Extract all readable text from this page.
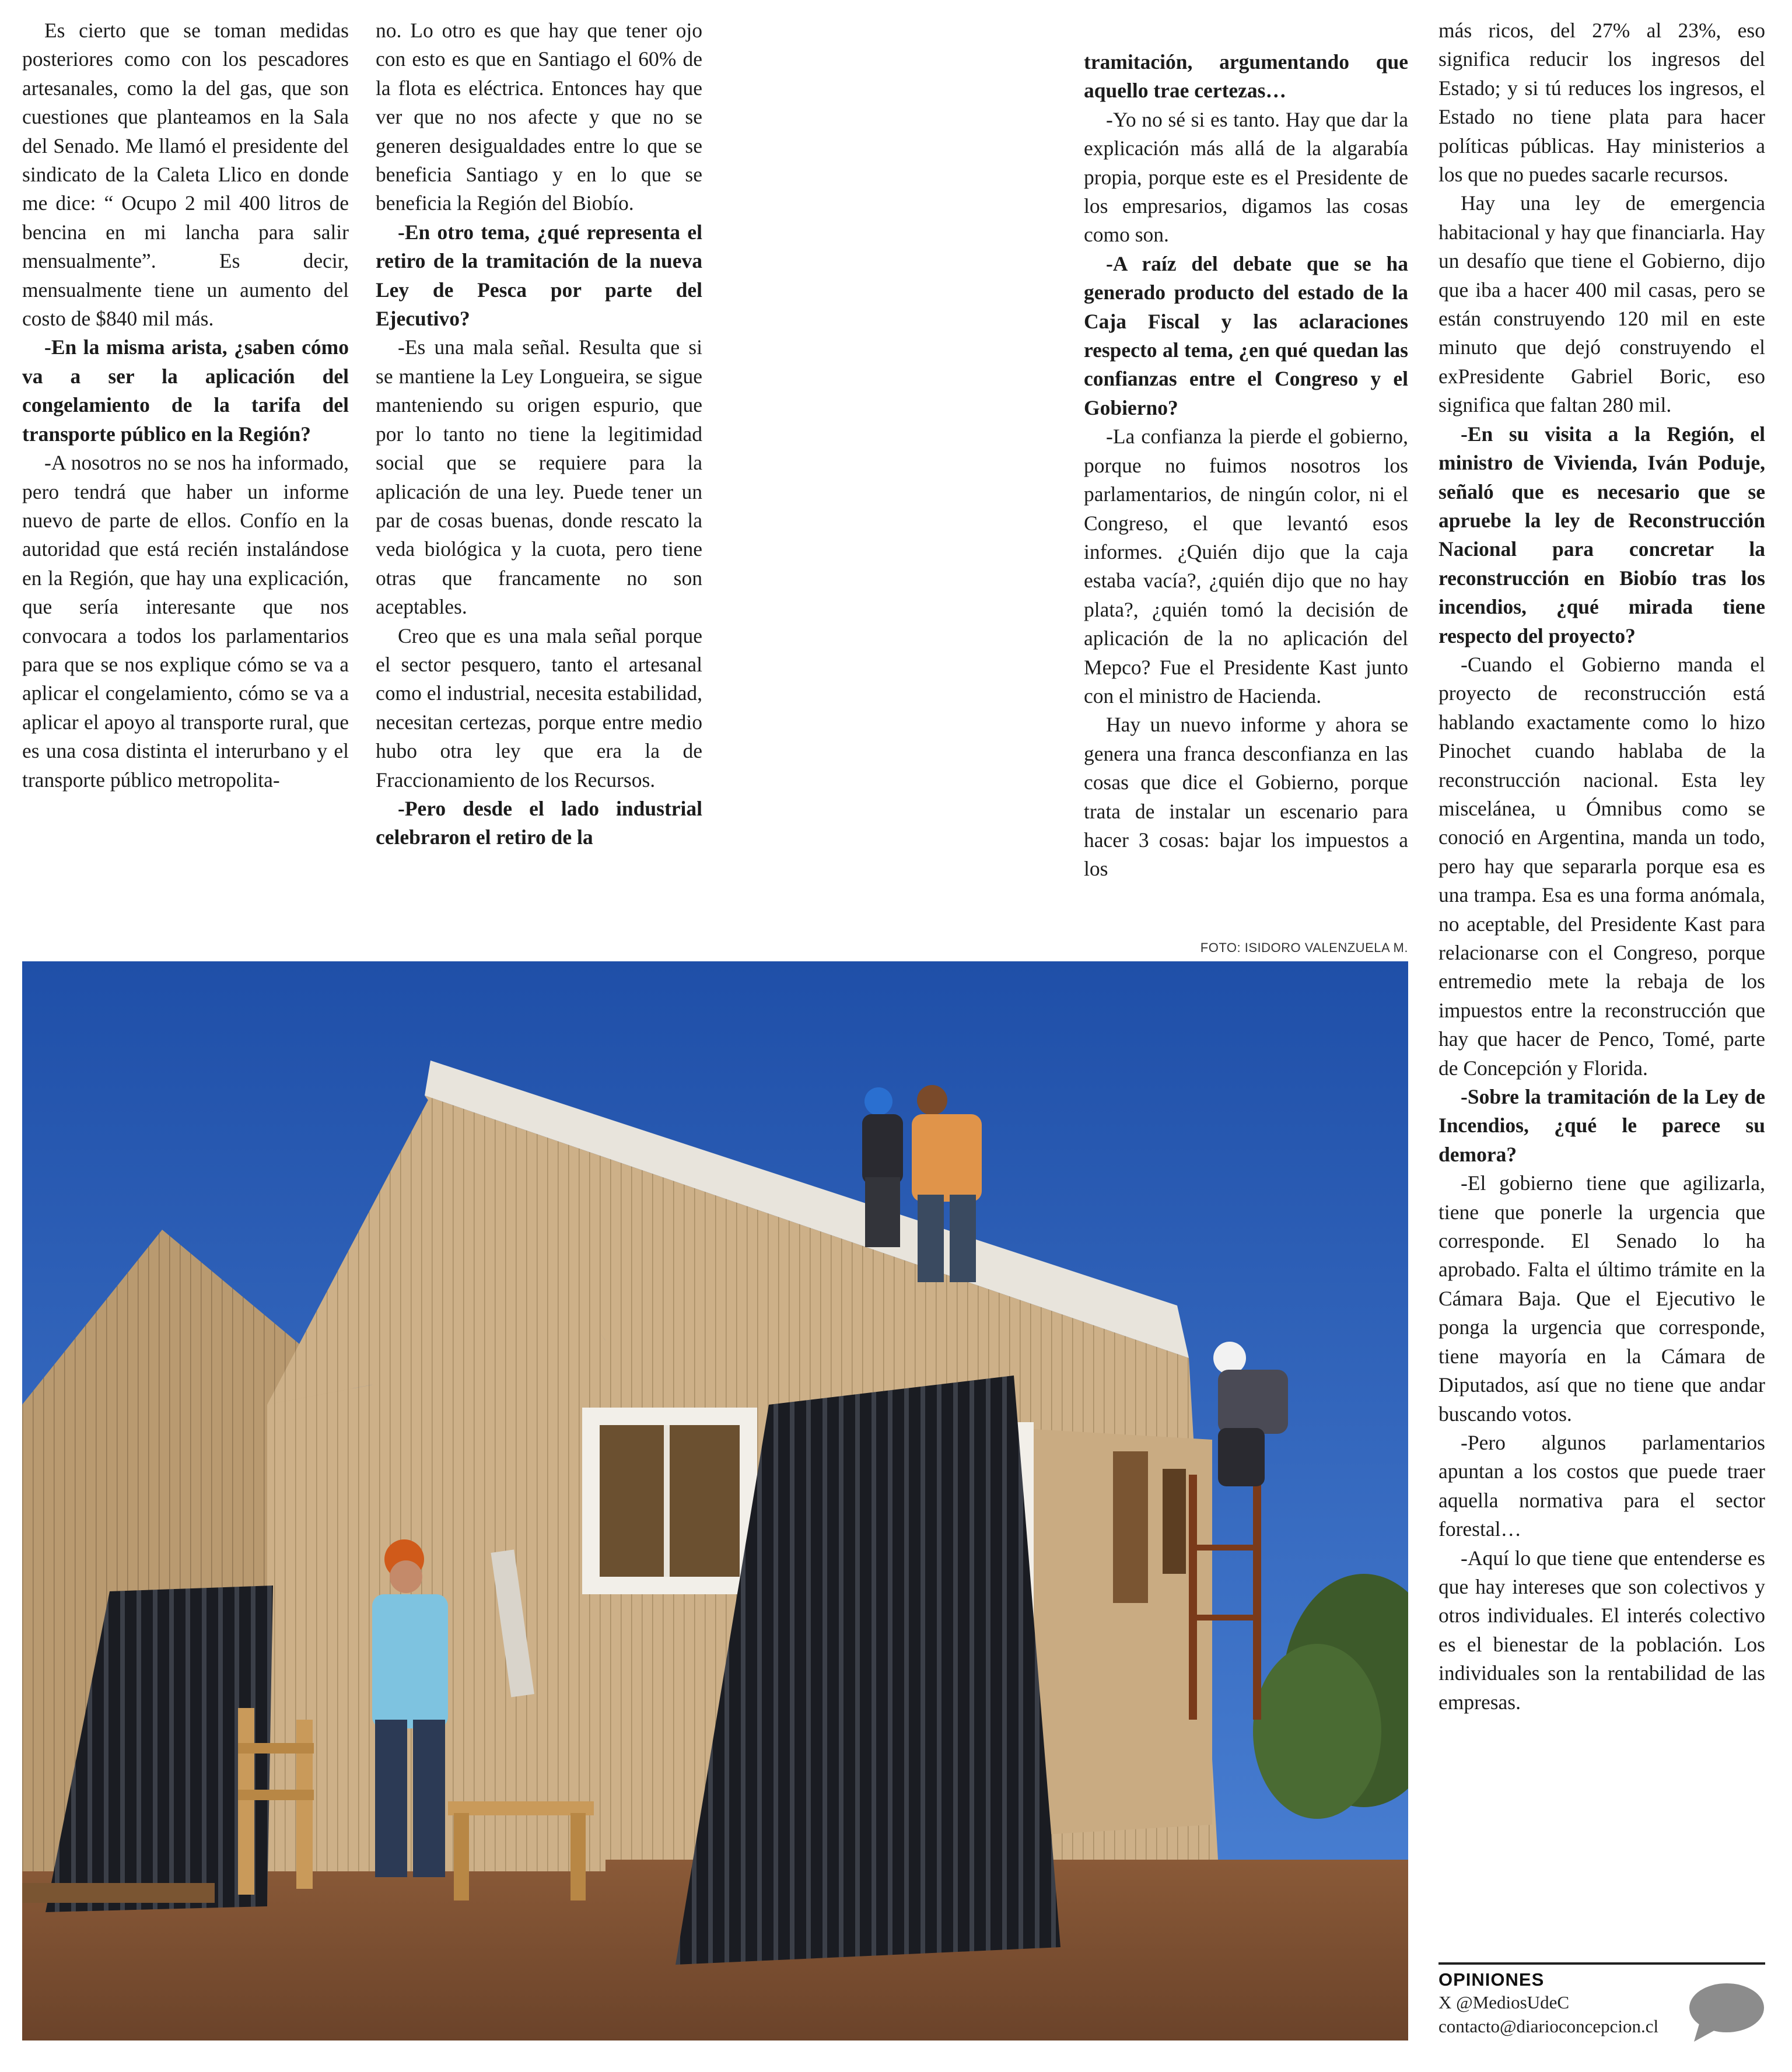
Es cierto que se toman medidas posteriores como con los pescadores artesanales, como la del gas, que son cuestiones que planteamos en la Sala del Senado. Me llamó el presidente del sindicato de la Caleta Llico en donde me dice: “ Ocupo 2 mil 400 litros de bencina en mi lancha para salir mensualmente”. Es decir, mensualmente tiene un aumento del costo de $840 mil más.

-En la misma arista, ¿saben cómo va a ser la aplicación del congelamiento de la tarifa del transporte público en la Región?

-A nosotros no se nos ha informado, pero tendrá que haber un informe nuevo de parte de ellos. Confío en la autoridad que está recién instalándose en la Región, que hay una explicación, que sería interesante que nos convocara a todos los parlamentarios para que se nos explique cómo se va a aplicar el congelamiento, cómo se va a aplicar el apoyo al transporte rural, que es una cosa distinta el interurbano y el transporte público metropolita-

no. Lo otro es que hay que tener ojo con esto es que en Santiago el 60% de la flota es eléctrica. Entonces hay que ver que no nos afecte y que no se generen desigualdades entre lo que se beneficia Santiago y en lo que se beneficia la Región del Biobío.

-En otro tema, ¿qué representa el retiro de la tramitación de la nueva Ley de Pesca por parte del Ejecutivo?

-Es una mala señal. Resulta que si se mantiene la Ley Longueira, se sigue manteniendo su origen espurio, que por lo tanto no tiene la legitimidad social que se requiere para la aplicación de una ley. Puede tener un par de cosas buenas, donde rescato la veda biológica y la cuota, pero tiene otras que francamente no son aceptables.

Creo que es una mala señal porque el sector pesquero, tanto el artesanal como el industrial, necesita estabilidad, necesitan certezas, porque entre medio hubo otra ley que era la de Fraccionamiento de los Recursos.

-Pero desde el lado industrial celebraron el retiro de la

tramitación, argumentando que aquello trae certezas…

-Yo no sé si es tanto. Hay que dar la explicación más allá de la algarabía propia, porque este es el Presidente de los empresarios, digamos las cosas como son.

-A raíz del debate que se ha generado producto del estado de la Caja Fiscal y las aclaraciones respecto al tema, ¿en qué quedan las confianzas entre el Congreso y el Gobierno?

-La confianza la pierde el gobierno, porque no fuimos nosotros los parlamentarios, de ningún color, ni el Congreso, el que levantó esos informes. ¿Quién dijo que la caja estaba vacía?, ¿quién dijo que no hay plata?, ¿quién tomó la decisión de aplicación de la no aplicación del Mepco? Fue el Presidente Kast junto con el ministro de Hacienda.

Hay un nuevo informe y ahora se genera una franca desconfianza en las cosas que dice el Gobierno, porque trata de instalar un escenario para hacer 3 cosas: bajar los impuestos a los

más ricos, del 27% al 23%, eso significa reducir los ingresos del Estado; y si tú reduces los ingresos, el Estado no tiene plata para hacer políticas públicas. Hay ministerios a los que no puedes sacarle recursos.

Hay una ley de emergencia habitacional y hay que financiarla. Hay un desafío que tiene el Gobierno, dijo que iba a hacer 400 mil casas, pero se están construyendo 120 mil en este minuto que dejó construyendo el exPresidente Gabriel Boric, eso significa que faltan 280 mil.

-En su visita a la Región, el ministro de Vivienda, Iván Poduje, señaló que es necesario que se apruebe la ley de Reconstrucción Nacional para concretar la reconstrucción en Biobío tras los incendios, ¿qué mirada tiene respecto del proyecto?

-Cuando el Gobierno manda el proyecto de reconstrucción está hablando exactamente como lo hizo Pinochet cuando hablaba de la reconstrucción nacional. Esta ley miscelánea, u Ómnibus como se conoció en Argentina, manda un todo, pero hay que separarla porque esa es una trampa. Esa es una forma anómala, no aceptable, del Presidente Kast para relacionarse con el Congreso, porque entremedio mete la rebaja de los impuestos entre la reconstrucción que hay que hacer de Penco, Tomé, parte de Concepción y Florida.

-Sobre la tramitación de la Ley de Incendios, ¿qué le parece su demora?

-El gobierno tiene que agilizarla, tiene que ponerle la urgencia que corresponde. El Senado lo ha aprobado. Falta el último trámite en la Cámara Baja. Que el Ejecutivo le ponga la urgencia que corresponde, tiene mayoría en la Cámara de Diputados, así que no tiene que andar buscando votos.

-Pero algunos parlamentarios apuntan a los costos que puede traer aquella normativa para el sector forestal…

-Aquí lo que tiene que entenderse es que hay intereses que son colectivos y otros individuales. El interés colectivo es el bienestar de la población. Los individuales son la rentabilidad de las empresas.

FOTO: ISIDORO VALENZUELA M.
OPINIONES
X @MediosUdeC
contacto@diarioconcepcion.cl
